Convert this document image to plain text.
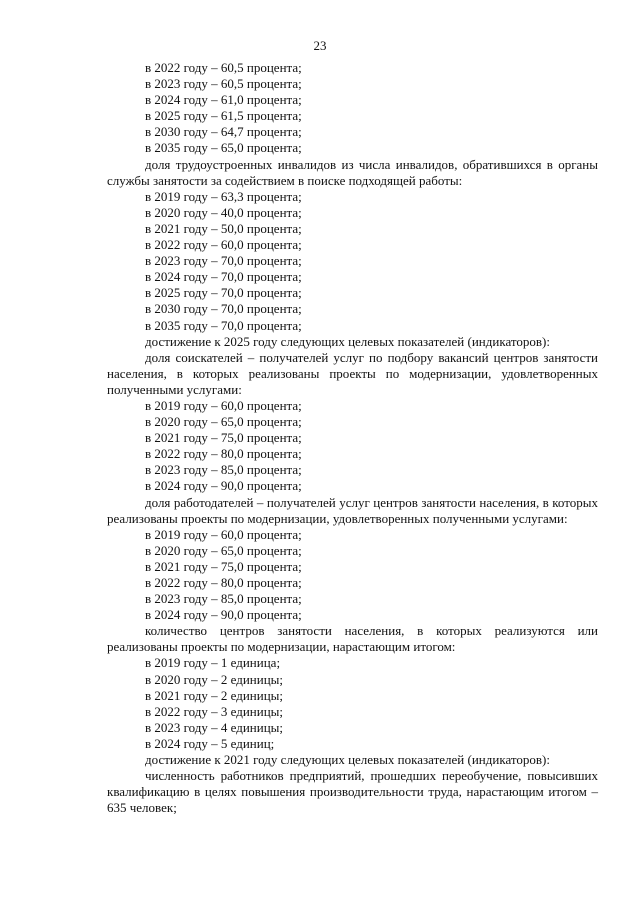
23
в 2022 году – 60,5 процента;
в 2023 году – 60,5 процента;
в 2024 году – 61,0 процента;
в 2025 году – 61,5 процента;
в 2030 году – 64,7 процента;
в 2035 году – 65,0 процента;
доля трудоустроенных инвалидов из числа инвалидов, обратившихся в органы службы занятости за содействием в поиске подходящей работы:
в 2019 году – 63,3 процента;
в 2020 году – 40,0 процента;
в 2021 году – 50,0 процента;
в 2022 году – 60,0 процента;
в 2023 году – 70,0 процента;
в 2024 году – 70,0 процента;
в 2025 году – 70,0 процента;
в 2030 году – 70,0 процента;
в 2035 году – 70,0 процента;
достижение к 2025 году следующих целевых показателей (индикаторов):
доля соискателей – получателей услуг по подбору вакансий центров занятости населения, в которых реализованы проекты по модернизации, удовлетворенных полученными услугами:
в 2019 году – 60,0 процента;
в 2020 году – 65,0 процента;
в 2021 году – 75,0 процента;
в 2022 году – 80,0 процента;
в 2023 году – 85,0 процента;
в 2024 году – 90,0 процента;
доля работодателей – получателей услуг центров занятости населения, в которых реализованы проекты по модернизации, удовлетворенных полученными услугами:
в 2019 году – 60,0 процента;
в 2020 году – 65,0 процента;
в 2021 году – 75,0 процента;
в 2022 году – 80,0 процента;
в 2023 году – 85,0 процента;
в 2024 году – 90,0 процента;
количество центров занятости населения, в которых реализуются или реализованы проекты по модернизации, нарастающим итогом:
в 2019 году – 1 единица;
в 2020 году – 2 единицы;
в 2021 году – 2 единицы;
в 2022 году – 3 единицы;
в 2023 году – 4 единицы;
в 2024 году – 5 единиц;
достижение к 2021 году следующих целевых показателей (индикаторов):
численность работников предприятий, прошедших переобучение, повысивших квалификацию в целях повышения производительности труда, нарастающим итогом – 635 человек;
